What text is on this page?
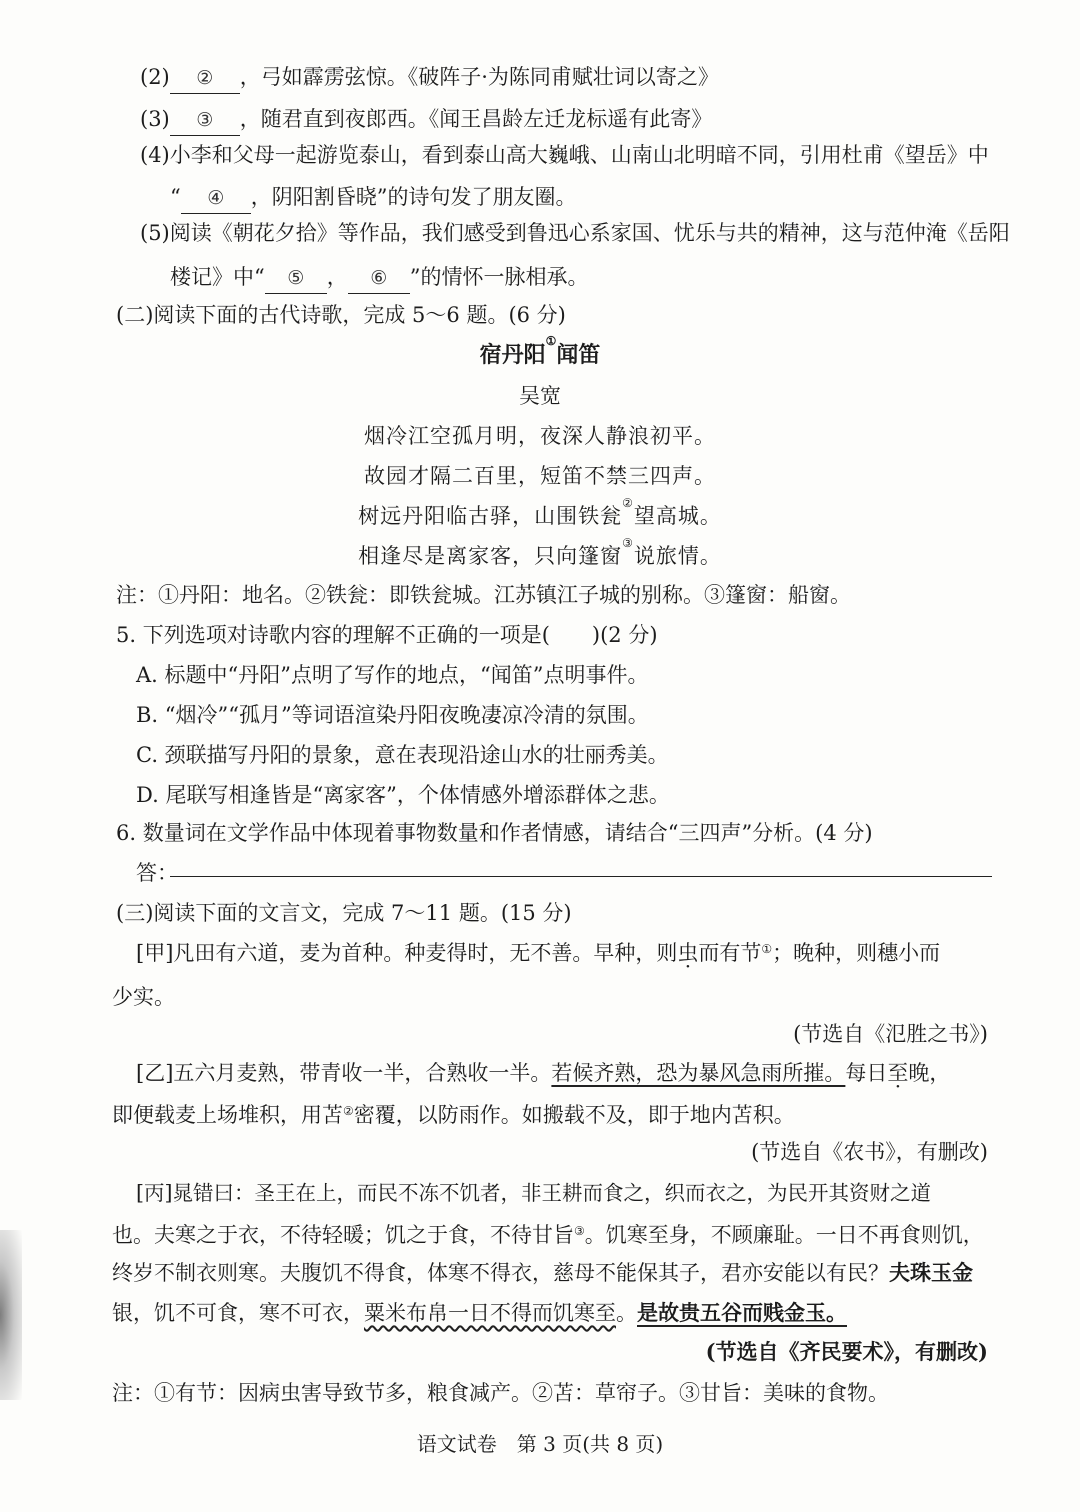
(2) ② ，弓如霹雳弦惊。《破阵子·为陈同甫赋壮词以寄之》
(3) ③ ，随君直到夜郎西。《闻王昌龄左迁龙标遥有此寄》
(4)小李和父母一起游览泰山，看到泰山高大巍峨、山南山北明暗不同，引用杜甫《望岳》中
“ ④ ，阴阳割昏晓”的诗句发了朋友圈。
(5)阅读《朝花夕拾》等作品，我们感受到鲁迅心系家国、忧乐与共的精神，这与范仲淹《岳阳
楼记》中“ ⑤ ， ⑥ ”的情怀一脉相承。
(二)阅读下面的古代诗歌，完成 5～6 题。(6 分)
宿丹阳①闻笛
吴宽
烟冷江空孤月明，夜深人静浪初平。
故园才隔二百里，短笛不禁三四声。
树远丹阳临古驿，山围铁瓮②望高城。
相逢尽是离家客，只向篷窗③说旅情。
注：①丹阳：地名。②铁瓮：即铁瓮城。江苏镇江子城的别称。③篷窗：船窗。
5. 下列选项对诗歌内容的理解不正确的一项是(　　)(2 分)
A. 标题中“丹阳”点明了写作的地点，“闻笛”点明事件。
B. “烟冷”“孤月”等词语渲染丹阳夜晚凄凉冷清的氛围。
C. 颈联描写丹阳的景象，意在表现沿途山水的壮丽秀美。
D. 尾联写相逢皆是“离家客”，个体情感外增添群体之悲。
6. 数量词在文学作品中体现着事物数量和作者情感，请结合“三四声”分析。(4 分)
答：
(三)阅读下面的文言文，完成 7～11 题。(15 分)
[甲]凡田有六道，麦为首种。种麦得时，无不善。早种，则虫而有节①；晚种，则穗小而
少实。
(节选自《氾胜之书》)
[乙]五六月麦熟，带青收一半，合熟收一半。若候齐熟，恐为暴风急雨所摧。每日至晚，
即便载麦上场堆积，用苫②密覆，以防雨作。如搬载不及，即于地内苫积。
(节选自《农书》，有删改)
[丙]晁错曰：圣王在上，而民不冻不饥者，非王耕而食之，织而衣之，为民开其资财之道
也。夫寒之于衣，不待轻暖；饥之于食，不待甘旨③。饥寒至身，不顾廉耻。一日不再食则饥，
终岁不制衣则寒。夫腹饥不得食，体寒不得衣，慈母不能保其子，君亦安能以有民？夫珠玉金
银，饥不可食，寒不可衣，粟米布帛一日不得而饥寒至。是故贵五谷而贱金玉。
(节选自《齐民要术》，有删改)
注：①有节：因病虫害导致节多，粮食减产。②苫：草帘子。③甘旨：美味的食物。
语文试卷　第 3 页(共 8 页)
